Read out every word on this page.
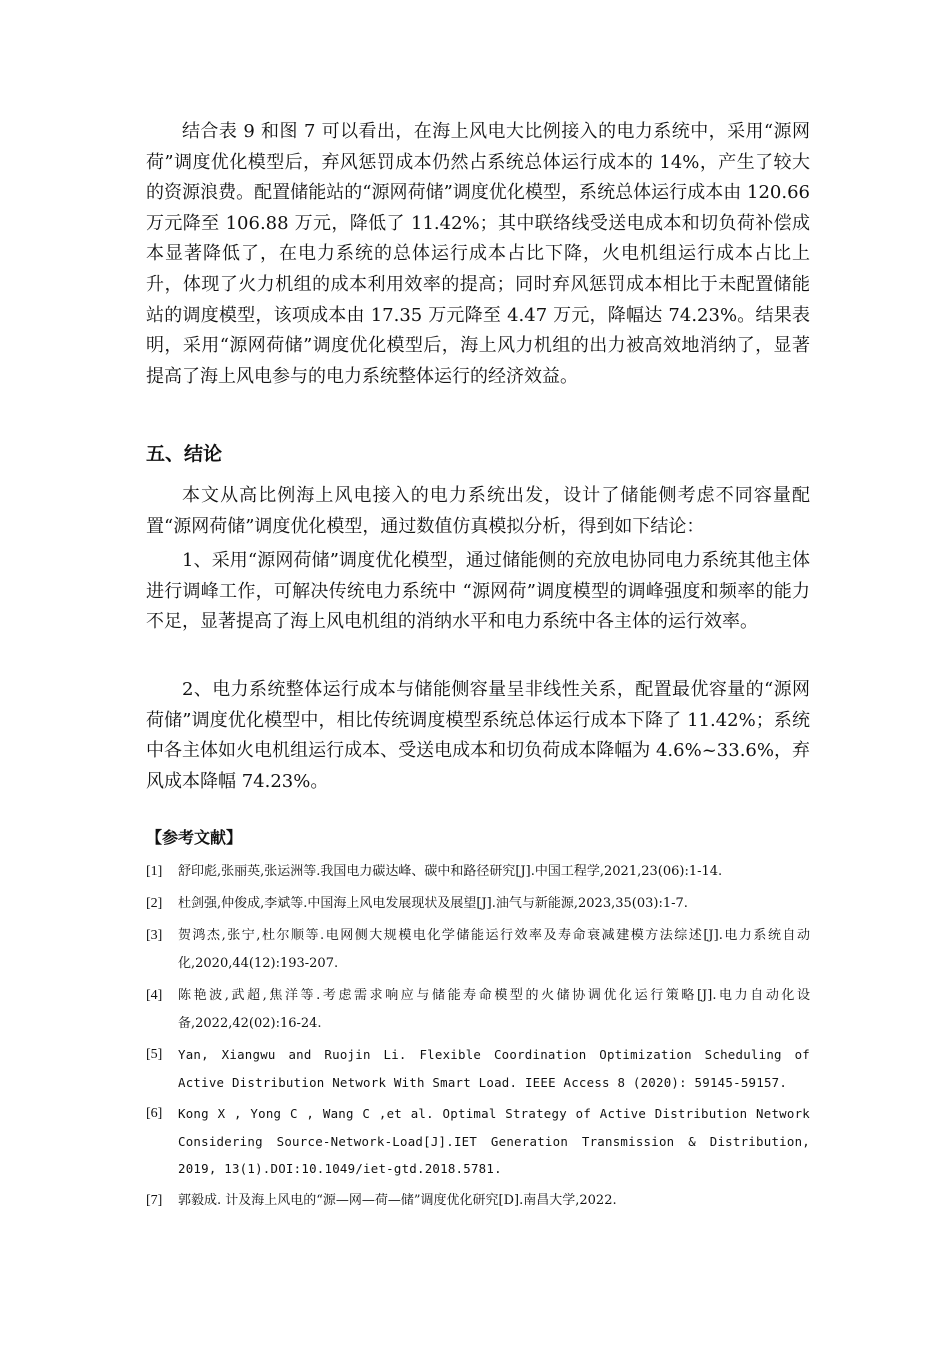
结合表 9 和图 7 可以看出，在海上风电大比例接入的电力系统中，采用“源网荷”调度优化模型后，弃风惩罚成本仍然占系统总体运行成本的 14%，产生了较大的资源浪费。配置储能站的“源网荷储”调度优化模型，系统总体运行成本由 120.66 万元降至 106.88 万元，降低了 11.42%；其中联络线受送电成本和切负荷补偿成本显著降低了，在电力系统的总体运行成本占比下降，火电机组运行成本占比上升，体现了火力机组的成本利用效率的提高；同时弃风惩罚成本相比于未配置储能站的调度模型，该项成本由 17.35 万元降至 4.47 万元，降幅达 74.23%。结果表明，采用“源网荷储”调度优化模型后，海上风力机组的出力被高效地消纳了，显著提高了海上风电参与的电力系统整体运行的经济效益。

五、结论

本文从高比例海上风电接入的电力系统出发，设计了储能侧考虑不同容量配置“源网荷储”调度优化模型，通过数值仿真模拟分析，得到如下结论：

1、采用“源网荷储”调度优化模型，通过储能侧的充放电协同电力系统其他主体进行调峰工作，可解决传统电力系统中 “源网荷”调度模型的调峰强度和频率的能力不足，显著提高了海上风电机组的消纳水平和电力系统中各主体的运行效率。

2、电力系统整体运行成本与储能侧容量呈非线性关系，配置最优容量的“源网荷储”调度优化模型中，相比传统调度模型系统总体运行成本下降了 11.42%；系统中各主体如火电机组运行成本、受送电成本和切负荷成本降幅为 4.6%~33.6%，弃风成本降幅 74.23%。

【参考文献】
[1] 舒印彪,张丽英,张运洲等.我国电力碳达峰、碳中和路径研究[J].中国工程学,2021,23(06):1-14.
[2] 杜剑强,仲俊成,李斌等.中国海上风电发展现状及展望[J].油气与新能源,2023,35(03):1-7.
[3] 贺鸿杰,张宁,杜尔顺等.电网侧大规模电化学储能运行效率及寿命衰减建模方法综述[J].电力系统自动化,2020,44(12):193-207.
[4] 陈艳波,武超,焦洋等.考虑需求响应与储能寿命模型的火储协调优化运行策略[J].电力自动化设备,2022,42(02):16-24.
[5] Yan, Xiangwu and Ruojin Li. Flexible Coordination Optimization Scheduling of Active Distribution Network With Smart Load. IEEE Access 8 (2020): 59145-59157.
[6] Kong X , Yong C , Wang C ,et al. Optimal Strategy of Active Distribution Network Considering Source-Network-Load[J].IET Generation Transmission & Distribution, 2019, 13(1).DOI:10.1049/iet-gtd.2018.5781.
[7] 郭毅成. 计及海上风电的“源—网—荷—储”调度优化研究[D].南昌大学,2022.
